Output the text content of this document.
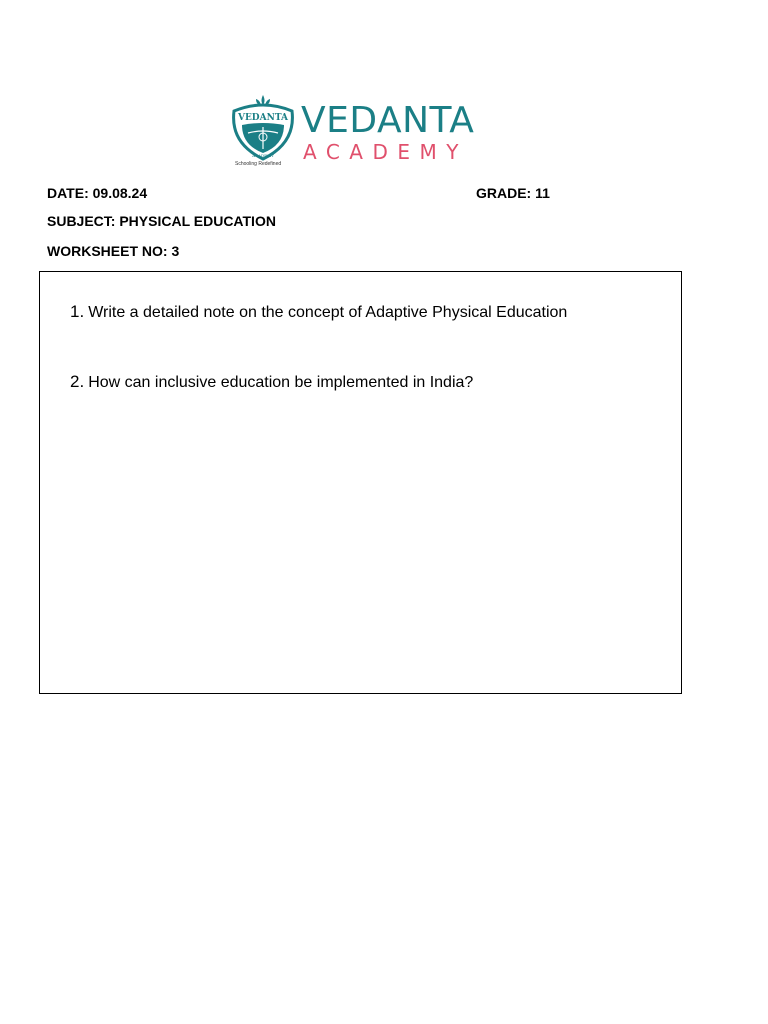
VEDANTA
ACADEMY
VEDANTA
ACADEMY
Schooling Redefined
DATE: 09.08.24	GRADE: 11
SUBJECT: PHYSICAL EDUCATION
WORKSHEET NO: 3
1. Write a detailed note on the concept of Adaptive Physical Education
2. How can inclusive education be implemented in India?
